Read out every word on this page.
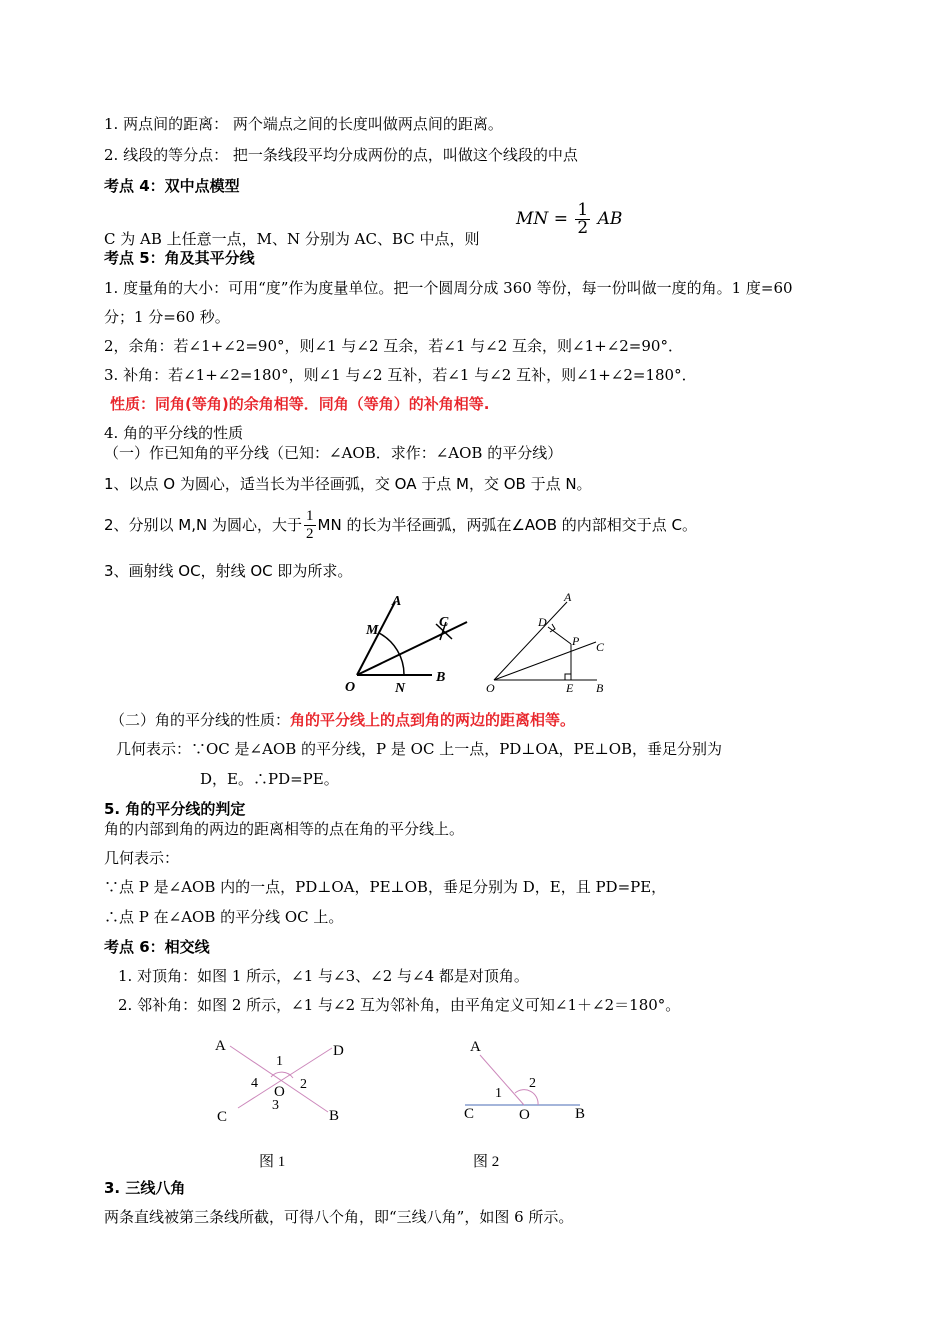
1. 两点间的距离： 两个端点之间的长度叫做两点间的距离。
2. 线段的等分点： 把一条线段平均分成两份的点，叫做这个线段的中点
考点 4：双中点模型
MN = $\frac{1}{2}$ AB
C 为 AB 上任意一点，M、N 分别为 AC、BC 中点，则
考点 5：角及其平分线
1. 度量角的大小：可用“度”作为度量单位。把一个圆周分成 360 等份，每一份叫做一度的角。1 度=60
分；1 分=60 秒。
2，余角：若∠1+∠2=90°，则∠1 与∠2 互余，若∠1 与∠2 互余，则∠1+∠2=90°．
3. 补角：若∠1+∠2=180°，则∠1 与∠2 互补，若∠1 与∠2 互补，则∠1+∠2=180°．
性质：同角(等角)的余角相等．同角（等角）的补角相等.
4. 角的平分线的性质
（一）作已知角的平分线（已知：∠AOB．求作：∠AOB 的平分线）
1、以点 O 为圆心，适当长为半径画弧，交 OA 于点 M，交 OB 于点 N。
2、分别以 M,N 为圆心，大于 $\frac{1}{2}$ MN 的长为半径画弧，两弧在∠AOB 的内部相交于点 C。
3、画射线 OC，射线 OC 即为所求。
A
M
C
O	N
B
A
D
P C
O	E B
（二）角的平分线的性质：角的平分线上的点到角的两边的距离相等。
几何表示：∵OC 是∠AOB 的平分线，P 是 OC 上一点，PD⊥OA，PE⊥OB，垂足分别为
D，E。∴PD=PE。
5. 角的平分线的判定
角的内部到角的两边的距离相等的点在角的平分线上。
几何表示：
∵点 P 是∠AOB 内的一点，PD⊥OA，PE⊥OB，垂足分别为 D，E，且 PD=PE，
∴点 P 在∠AOB 的平分线 OC 上。
考点 6：相交线
1. 对顶角：如图 1 所示，∠1 与∠3、∠2 与∠4 都是对顶角。
2. 邻补角：如图 2 所示，∠1 与∠2 互为邻补角，由平角定义可知∠1＋∠2＝180°。
A	D
C	B
O
1
2
3
4
图 1
A
C	O	B
1
2
图 2
3. 三线八角
两条直线被第三条线所截，可得八个角，即“三线八角”，如图 6 所示。
